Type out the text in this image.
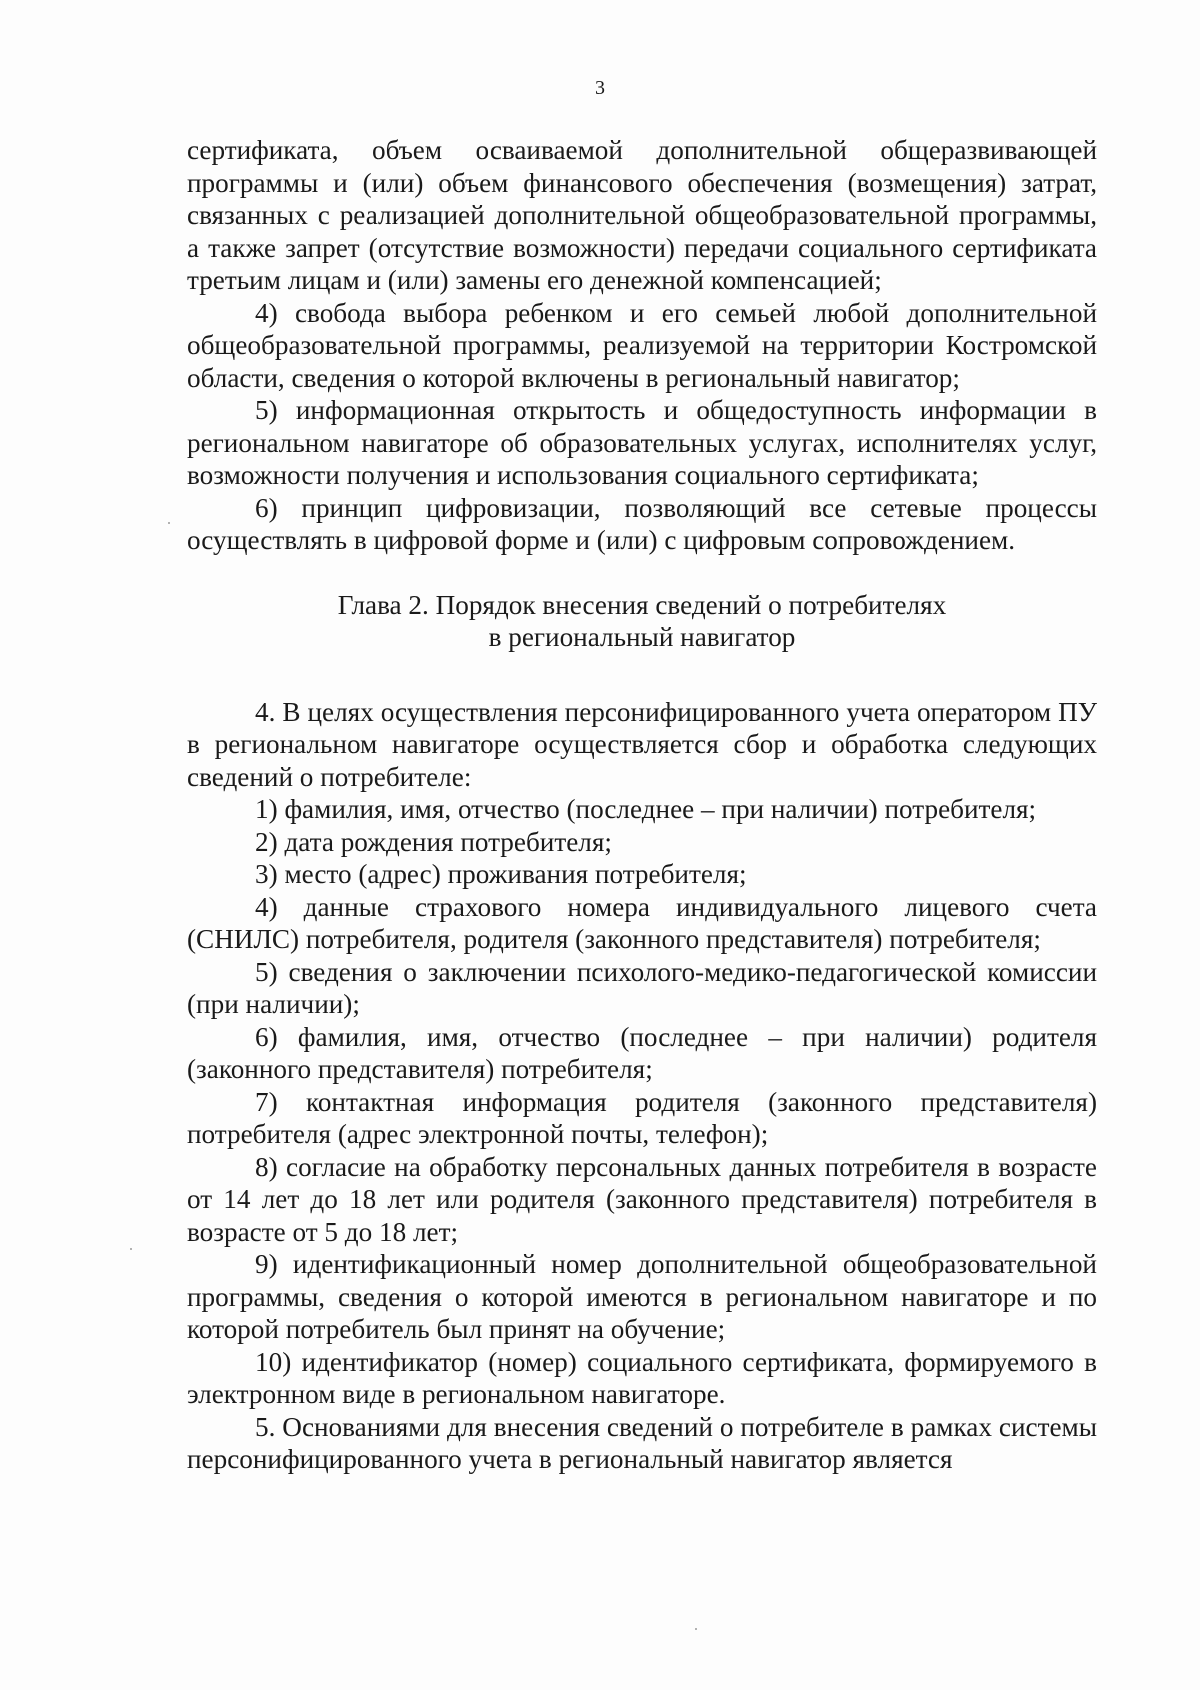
3

сертификата, объем осваиваемой дополнительной общеразвивающей программы и (или) объем финансового обеспечения (возмещения) затрат, связанных с реализацией дополнительной общеобразовательной программы, а также запрет (отсутствие возможности) передачи социального сертификата третьим лицам и (или) замены его денежной компенсацией;

4) свобода выбора ребенком и его семьей любой дополнительной общеобразовательной программы, реализуемой на территории Костромской области, сведения о которой включены в региональный навигатор;

5) информационная открытость и общедоступность информации в региональном навигаторе об образовательных услугах, исполнителях услуг, возможности получения и использования социального сертификата;

6) принцип цифровизации, позволяющий все сетевые процессы осуществлять в цифровой форме и (или) с цифровым сопровождением.

Глава 2. Порядок внесения сведений о потребителях
в региональный навигатор

4. В целях осуществления персонифицированного учета оператором ПУ в региональном навигаторе осуществляется сбор и обработка следующих сведений о потребителе:

1) фамилия, имя, отчество (последнее – при наличии) потребителя;

2) дата рождения потребителя;

3) место (адрес) проживания потребителя;

4) данные страхового номера индивидуального лицевого счета (СНИЛС) потребителя, родителя (законного представителя) потребителя;

5) сведения о заключении психолого-медико-педагогической комиссии (при наличии);

6) фамилия, имя, отчество (последнее – при наличии) родителя (законного представителя) потребителя;

7) контактная информация родителя (законного представителя) потребителя (адрес электронной почты, телефон);

8) согласие на обработку персональных данных потребителя в возрасте от 14 лет до 18 лет или родителя (законного представителя) потребителя в возрасте от 5 до 18 лет;

9) идентификационный номер дополнительной общеобразовательной программы, сведения о которой имеются в региональном навигаторе и по которой потребитель был принят на обучение;

10) идентификатор (номер) социального сертификата, формируемого в электронном виде в региональном навигаторе.

5. Основаниями для внесения сведений о потребителе в рамках системы персонифицированного учета в региональный навигатор является
